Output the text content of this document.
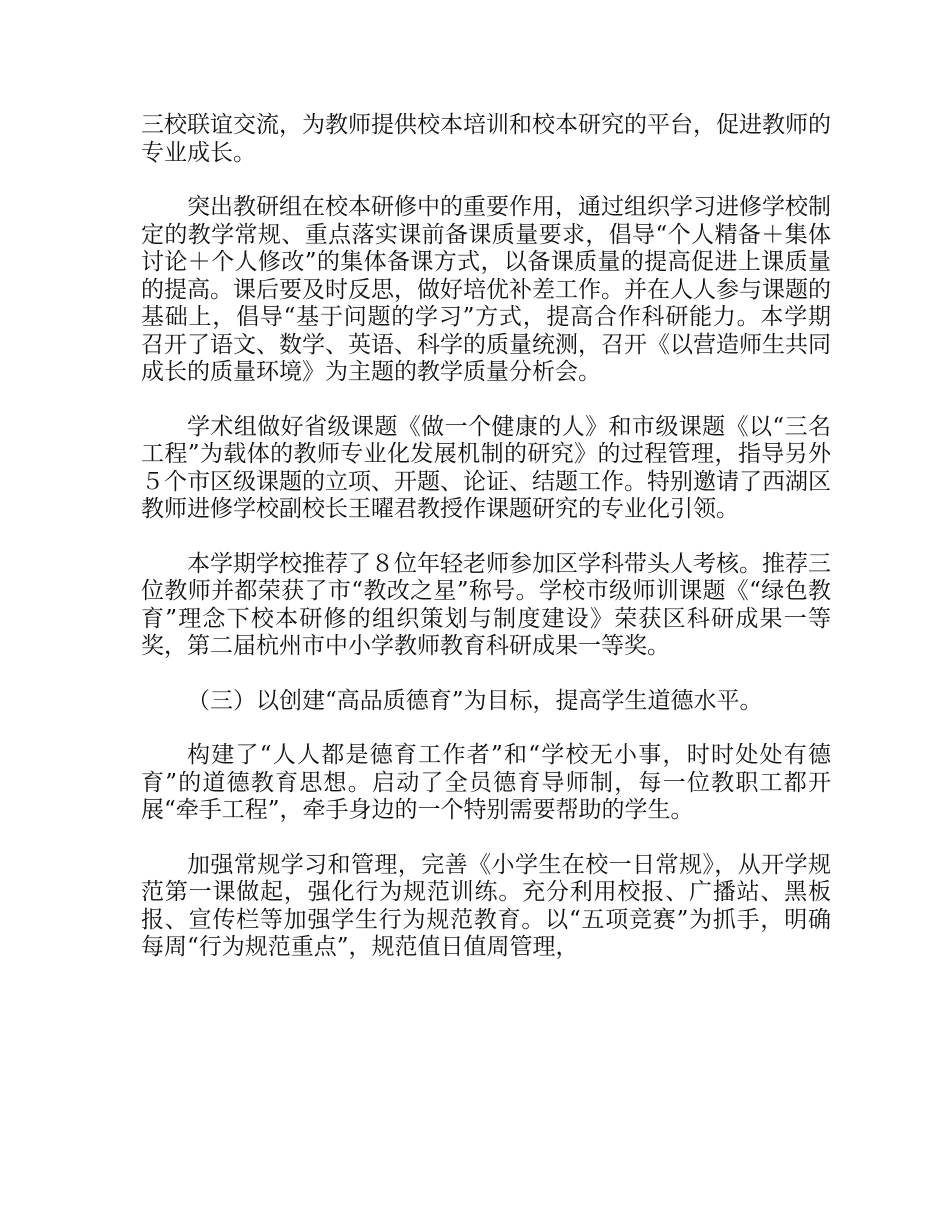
三校联谊交流，为教师提供校本培训和校本研究的平台，促进教师的专业成长。

突出教研组在校本研修中的重要作用，通过组织学习进修学校制定的教学常规、重点落实课前备课质量要求，倡导“个人精备＋集体讨论＋个人修改”的集体备课方式，以备课质量的提高促进上课质量的提高。课后要及时反思，做好培优补差工作。并在人人参与课题的基础上，倡导“基于问题的学习”方式，提高合作科研能力。本学期召开了语文、数学、英语、科学的质量统测，召开《以营造师生共同成长的质量环境》为主题的教学质量分析会。

学术组做好省级课题《做一个健康的人》和市级课题《以“三名工程”为载体的教师专业化发展机制的研究》的过程管理，指导另外５个市区级课题的立项、开题、论证、结题工作。特别邀请了西湖区教师进修学校副校长王曜君教授作课题研究的专业化引领。

本学期学校推荐了８位年轻老师参加区学科带头人考核。推荐三位教师并都荣获了市“教改之星”称号。学校市级师训课题《“绿色教育”理念下校本研修的组织策划与制度建设》荣获区科研成果一等奖，第二届杭州市中小学教师教育科研成果一等奖。

（三）以创建“高品质德育”为目标，提高学生道德水平。

构建了“人人都是德育工作者”和“学校无小事，时时处处有德育”的道德教育思想。启动了全员德育导师制，每一位教职工都开展“牵手工程”，牵手身边的一个特别需要帮助的学生。

加强常规学习和管理，完善《小学生在校一日常规》，从开学规范第一课做起，强化行为规范训练。充分利用校报、广播站、黑板报、宣传栏等加强学生行为规范教育。以“五项竞赛”为抓手，明确每周“行为规范重点”，规范值日值周管理，
